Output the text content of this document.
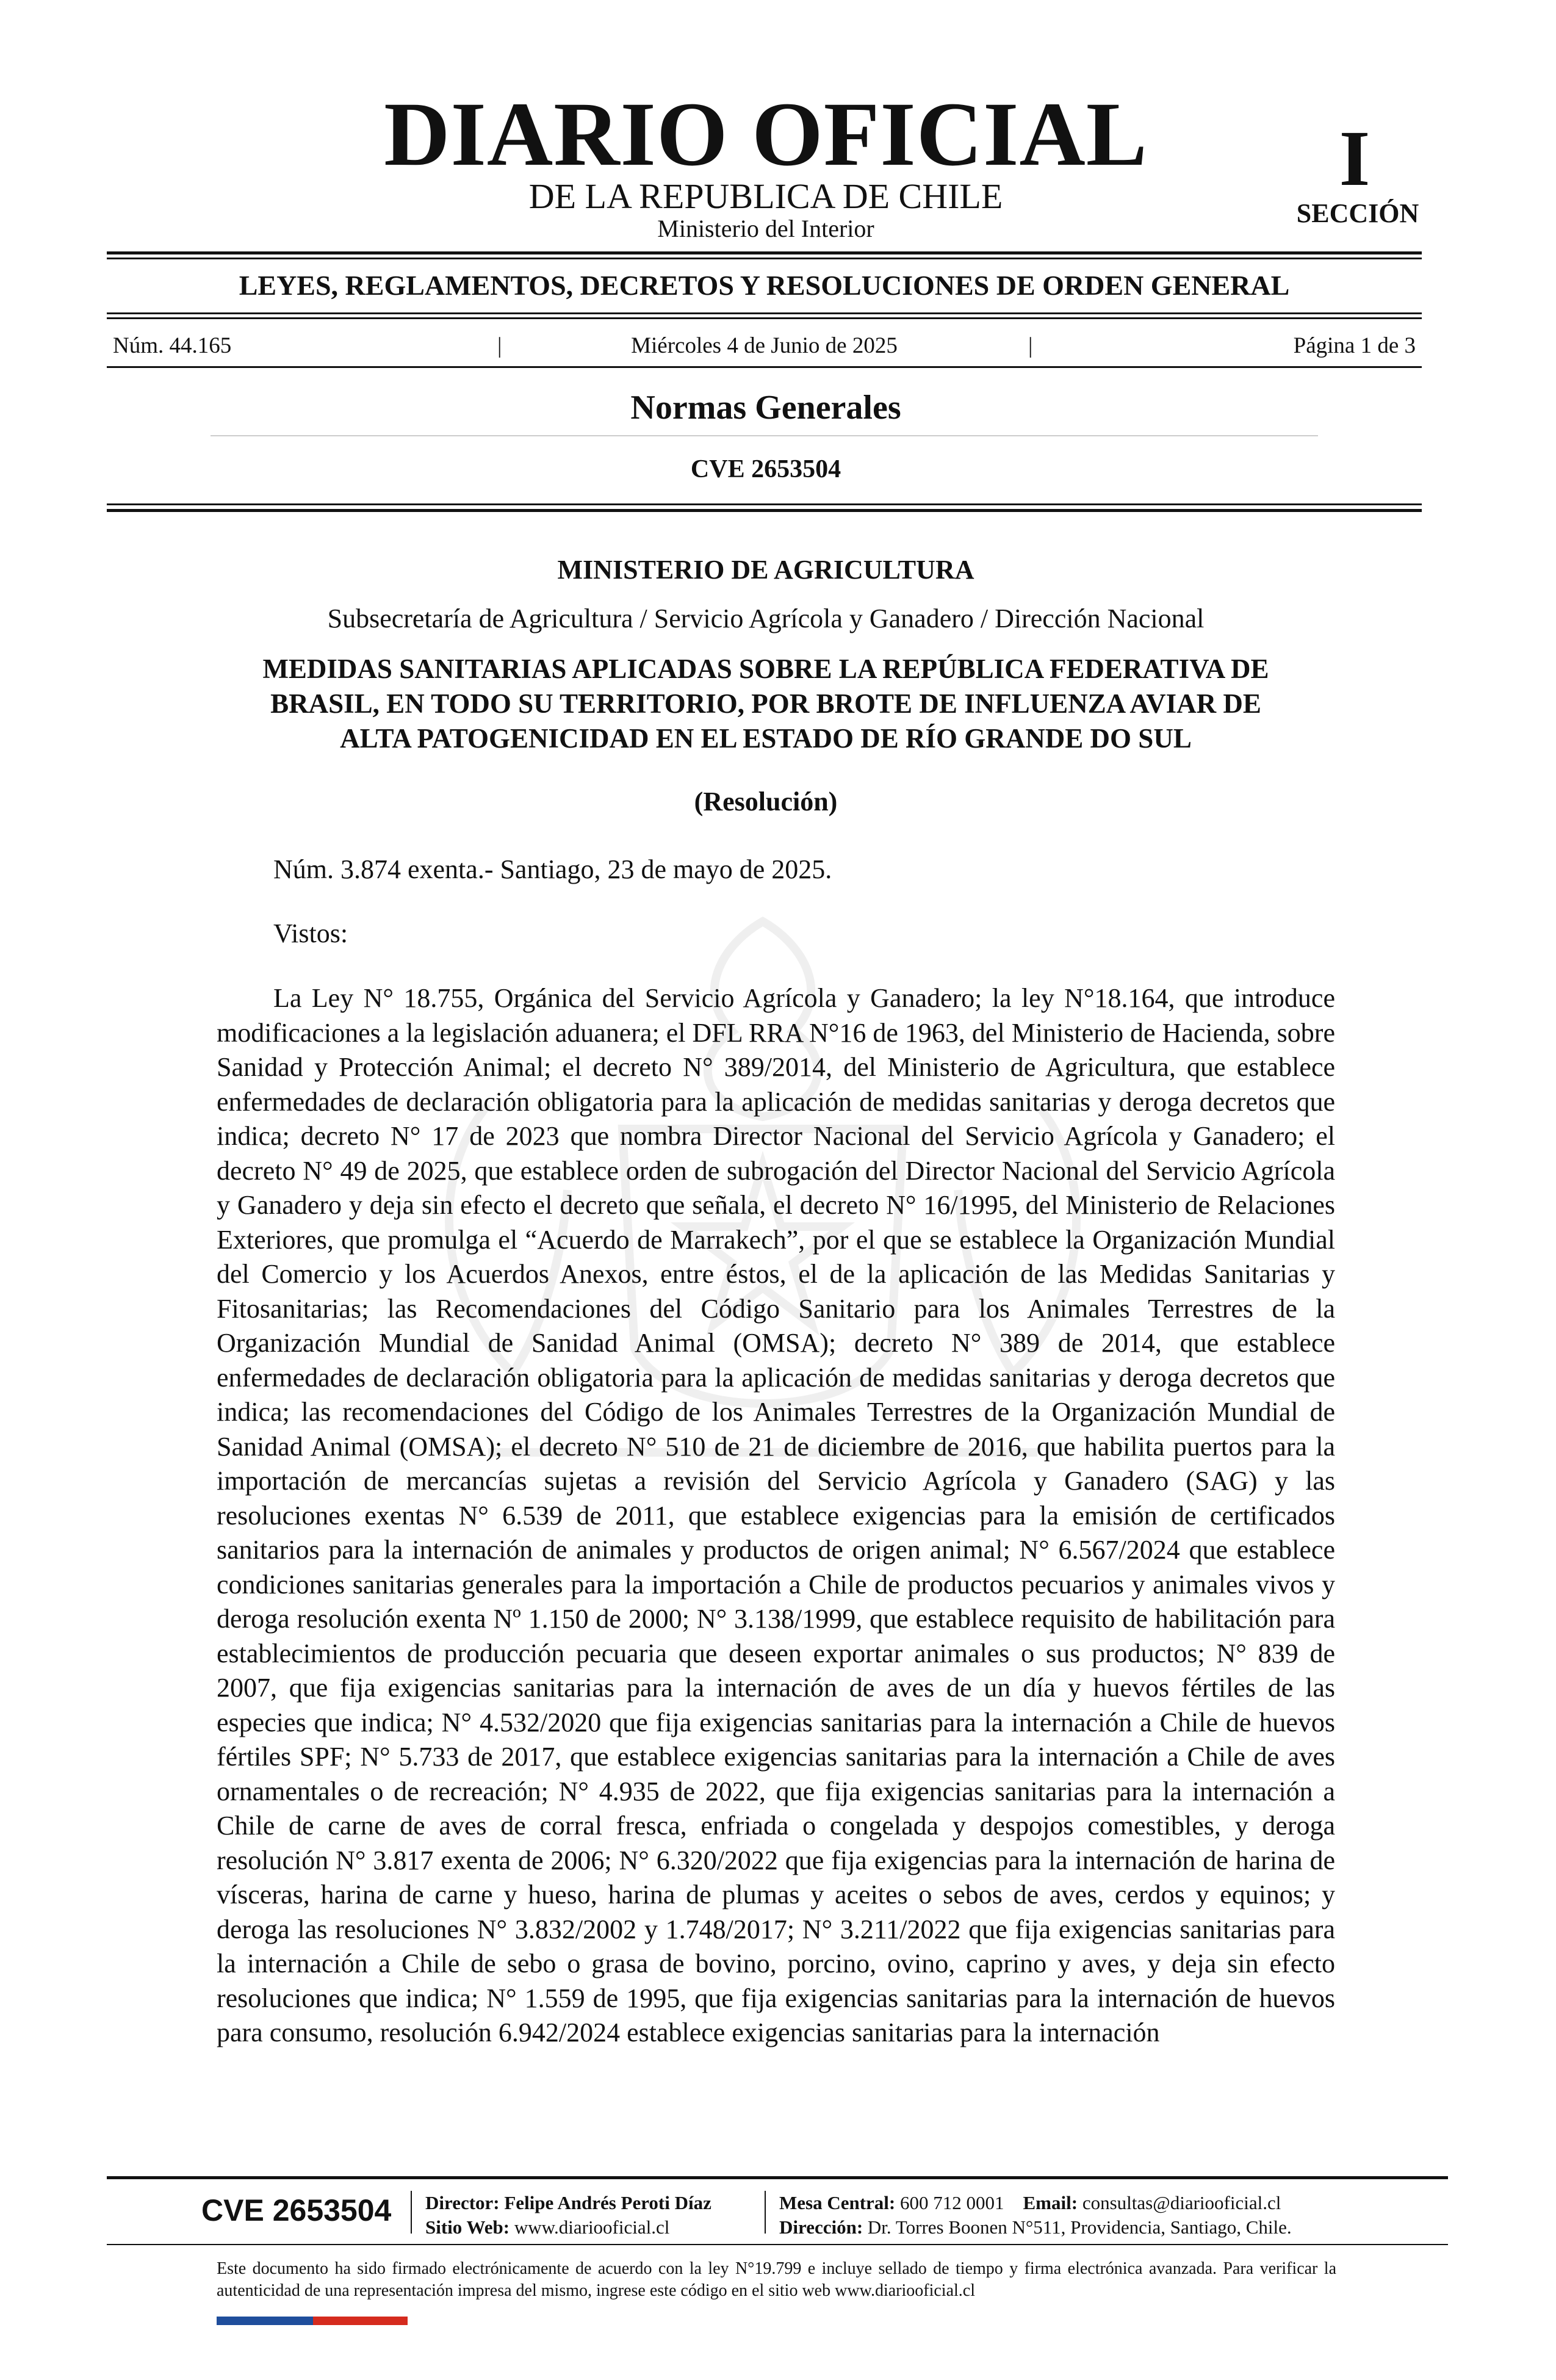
DIARIO OFICIAL
DE LA REPUBLICA DE CHILE
Ministerio del Interior
I
SECCIÓN
LEYES, REGLAMENTOS, DECRETOS Y RESOLUCIONES DE ORDEN GENERAL
Núm. 44.165	|	Miércoles 4 de Junio de 2025	|	Página 1 de 3
Normas Generales
CVE 2653504
MINISTERIO DE AGRICULTURA
Subsecretaría de Agricultura / Servicio Agrícola y Ganadero / Dirección Nacional
MEDIDAS SANITARIAS APLICADAS SOBRE LA REPÚBLICA FEDERATIVA DE BRASIL, EN TODO SU TERRITORIO, POR BROTE DE INFLUENZA AVIAR DE ALTA PATOGENICIDAD EN EL ESTADO DE RÍO GRANDE DO SUL
(Resolución)
Núm. 3.874 exenta.- Santiago, 23 de mayo de 2025.
Vistos:
La Ley N° 18.755, Orgánica del Servicio Agrícola y Ganadero; la ley N°18.164, que introduce modificaciones a la legislación aduanera; el DFL RRA N°16 de 1963, del Ministerio de Hacienda, sobre Sanidad y Protección Animal; el decreto N° 389/2014, del Ministerio de Agricultura, que establece enfermedades de declaración obligatoria para la aplicación de medidas sanitarias y deroga decretos que indica; decreto N° 17 de 2023 que nombra Director Nacional del Servicio Agrícola y Ganadero; el decreto N° 49 de 2025, que establece orden de subrogación del Director Nacional del Servicio Agrícola y Ganadero y deja sin efecto el decreto que señala, el decreto N° 16/1995, del Ministerio de Relaciones Exteriores, que promulga el “Acuerdo de Marrakech”, por el que se establece la Organización Mundial del Comercio y los Acuerdos Anexos, entre éstos, el de la aplicación de las Medidas Sanitarias y Fitosanitarias; las Recomendaciones del Código Sanitario para los Animales Terrestres de la Organización Mundial de Sanidad Animal (OMSA); decreto N° 389 de 2014, que establece enfermedades de declaración obligatoria para la aplicación de medidas sanitarias y deroga decretos que indica; las recomendaciones del Código de los Animales Terrestres de la Organización Mundial de Sanidad Animal (OMSA); el decreto N° 510 de 21 de diciembre de 2016, que habilita puertos para la importación de mercancías sujetas a revisión del Servicio Agrícola y Ganadero (SAG) y las resoluciones exentas N° 6.539 de 2011, que establece exigencias para la emisión de certificados sanitarios para la internación de animales y productos de origen animal; N° 6.567/2024 que establece condiciones sanitarias generales para la importación a Chile de productos pecuarios y animales vivos y deroga resolución exenta Nº 1.150 de 2000; N° 3.138/1999, que establece requisito de habilitación para establecimientos de producción pecuaria que deseen exportar animales o sus productos; N° 839 de 2007, que fija exigencias sanitarias para la internación de aves de un día y huevos fértiles de las especies que indica; N° 4.532/2020 que fija exigencias sanitarias para la internación a Chile de huevos fértiles SPF; N° 5.733 de 2017, que establece exigencias sanitarias para la internación a Chile de aves ornamentales o de recreación; N° 4.935 de 2022, que fija exigencias sanitarias para la internación a Chile de carne de aves de corral fresca, enfriada o congelada y despojos comestibles, y deroga resolución N° 3.817 exenta de 2006; N° 6.320/2022 que fija exigencias para la internación de harina de vísceras, harina de carne y hueso, harina de plumas y aceites o sebos de aves, cerdos y equinos; y deroga las resoluciones N° 3.832/2002 y 1.748/2017; N° 3.211/2022 que fija exigencias sanitarias para la internación a Chile de sebo o grasa de bovino, porcino, ovino, caprino y aves, y deja sin efecto resoluciones que indica; N° 1.559 de 1995, que fija exigencias sanitarias para la internación de huevos para consumo, resolución 6.942/2024 establece exigencias sanitarias para la internación
CVE 2653504 Director: Felipe Andrés Peroti Díaz
Sitio Web: www.diariooficial.cl
Mesa Central: 600 712 0001 Email: consultas@diariooficial.cl
Dirección: Dr. Torres Boonen N°511, Providencia, Santiago, Chile.
Este documento ha sido firmado electrónicamente de acuerdo con la ley N°19.799 e incluye sellado de tiempo y firma electrónica avanzada. Para verificar la autenticidad de una representación impresa del mismo, ingrese este código en el sitio web www.diariooficial.cl
